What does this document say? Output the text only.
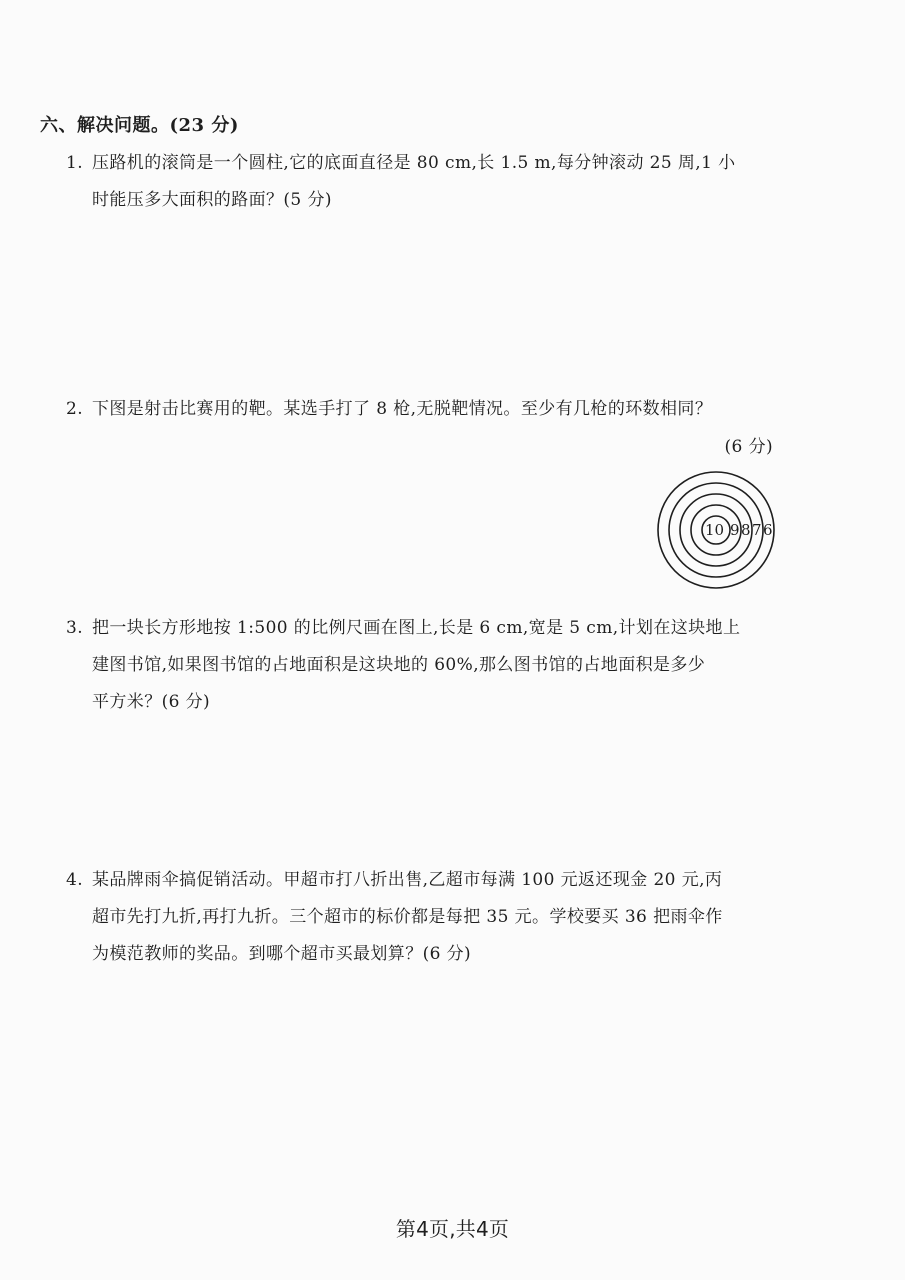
六、解决问题。(23 分)
1. 压路机的滚筒是一个圆柱,它的底面直径是 80 cm,长 1.5 m,每分钟滚动 25 周,1 小
时能压多大面积的路面？(5 分)
2. 下图是射击比赛用的靶。某选手打了 8 枪,无脱靶情况。至少有几枪的环数相同？
(6 分)
10 9 8 7 6
3. 把一块长方形地按 1:500 的比例尺画在图上,长是 6 cm,宽是 5 cm,计划在这块地上
建图书馆,如果图书馆的占地面积是这块地的 60%,那么图书馆的占地面积是多少
平方米？(6 分)
4. 某品牌雨伞搞促销活动。甲超市打八折出售,乙超市每满 100 元返还现金 20 元,丙
超市先打九折,再打九折。三个超市的标价都是每把 35 元。学校要买 36 把雨伞作
为模范教师的奖品。到哪个超市买最划算？(6 分)
第4页,共4页
